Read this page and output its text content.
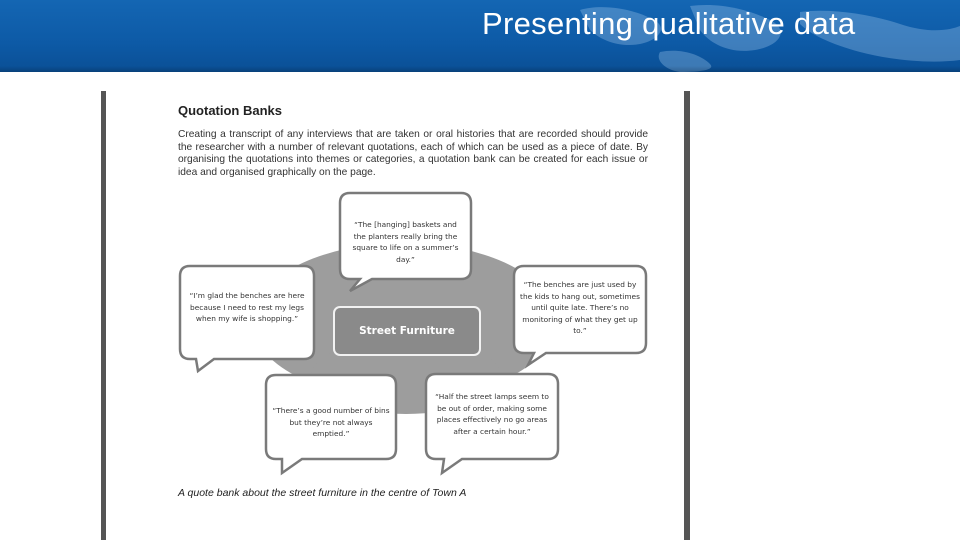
Presenting qualitative data
Quotation Banks
Creating a transcript of any interviews that are taken or oral histories that are recorded should provide the researcher with a number of relevant quotations, each of which can be used as a piece of date. By organising the quotations into themes or categories, a quotation bank can be created for each issue or idea and organised graphically on the page.
Street Furniture
“The [hanging] baskets and the planters really bring the square to life on a summer’s day.”
“I’m glad the benches are here because I need to rest my legs when my wife is shopping.”
“The benches are just used by the kids to hang out, sometimes until quite late. There’s no monitoring of what they get up to.”
“There’s a good number of bins but they’re not always emptied.”
“Half the street lamps seem to be out of order, making some places effectively no go areas after a certain hour.”
A quote bank about the street furniture in the centre of Town A
